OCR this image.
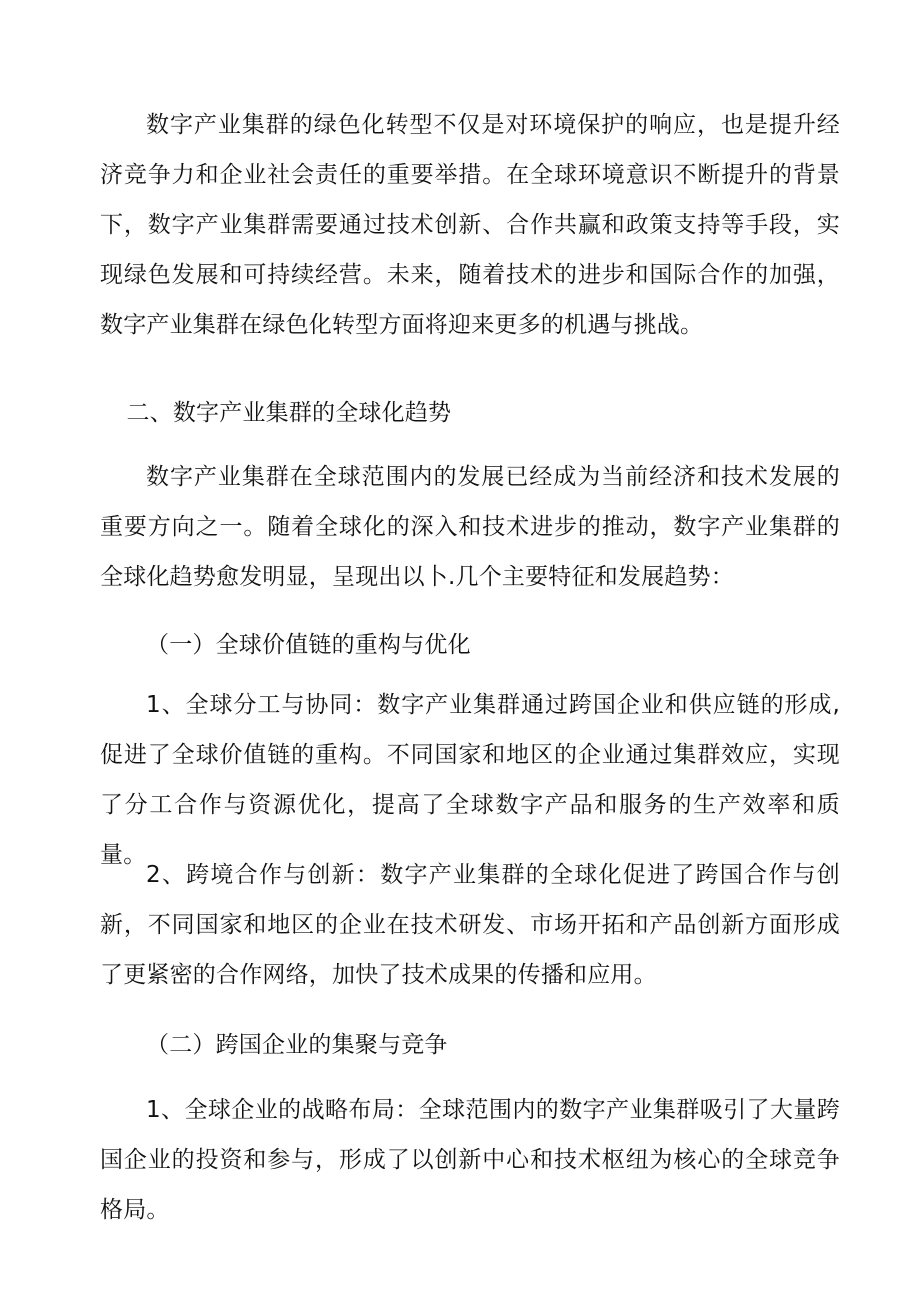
数字产业集群的绿色化转型不仅是对环境保护的响应，也是提升经济竞争力和企业社会责任的重要举措。在全球环境意识不断提升的背景下，数字产业集群需要通过技术创新、合作共赢和政策支持等手段，实现绿色发展和可持续经营。未来，随着技术的进步和国际合作的加强，数字产业集群在绿色化转型方面将迎来更多的机遇与挑战。

二、数字产业集群的全球化趋势

数字产业集群在全球范围内的发展已经成为当前经济和技术发展的重要方向之一。随着全球化的深入和技术进步的推动，数字产业集群的全球化趋势愈发明显，呈现出以卜.几个主要特征和发展趋势：

（一）全球价值链的重构与优化

1、全球分工与协同：数字产业集群通过跨国企业和供应链的形成,促进了全球价值链的重构。不同国家和地区的企业通过集群效应，实现了分工合作与资源优化，提高了全球数字产品和服务的生产效率和质量。

2、跨境合作与创新：数字产业集群的全球化促进了跨国合作与创新，不同国家和地区的企业在技术研发、市场开拓和产品创新方面形成了更紧密的合作网络，加快了技术成果的传播和应用。

（二）跨国企业的集聚与竞争

1、全球企业的战略布局：全球范围内的数字产业集群吸引了大量跨国企业的投资和参与，形成了以创新中心和技术枢纽为核心的全球竞争格局。
